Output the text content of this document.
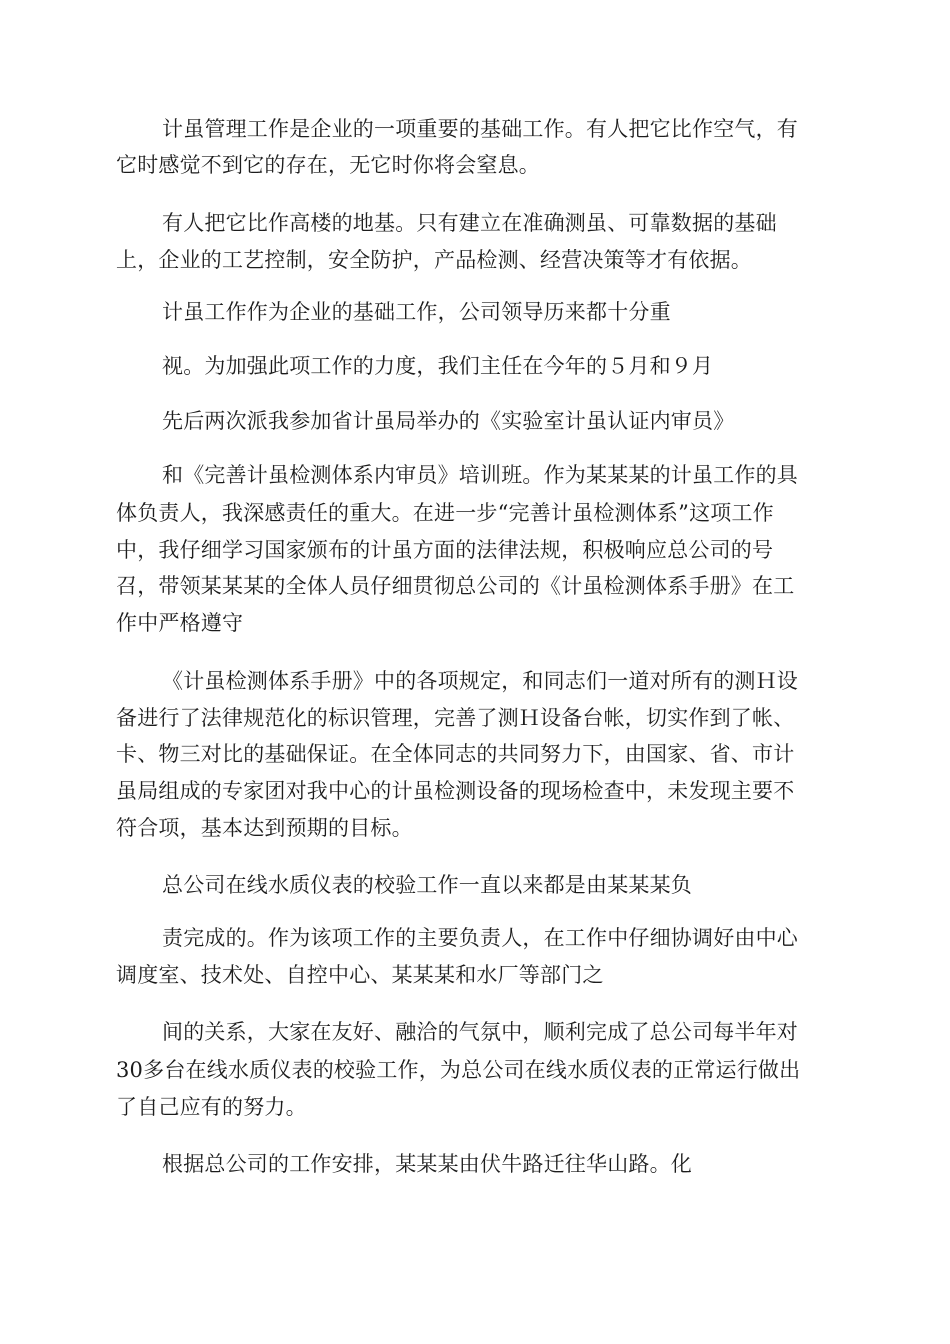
计虽管理工作是企业的一项重要的基础工作。有人把它比作空气，有
它时感觉不到它的存在，无它时你将会窒息。
有人把它比作高楼的地基。只有建立在准确测虽、可靠数据的基础
上，企业的工艺控制，安全防护，产品检测、经营决策等才有依据。
计虽工作作为企业的基础工作，公司领导历来都十分重
视。为加强此项工作的力度，我们主任在今年的５月和９月
先后两次派我参加省计虽局举办的《实验室计虽认证内审员》
和《完善计虽检测体系内审员》培训班。作为某某某的计虽工作的具
体负责人，我深感责任的重大。在进一步“完善计虽检测体系”这项工作
中，我仔细学习国家颁布的计虽方面的法律法规，积极响应总公司的号
召，带领某某某的全体人员仔细贯彻总公司的《计虽检测体系手册》在工
作中严格遵守
《计虽检测体系手册》中的各项规定，和同志们一道对所有的测Ｈ设
备进行了法律规范化的标识管理，完善了测Ｈ设备台帐，切实作到了帐、
卡、物三对比的基础保证。在全体同志的共同努力下，由国家、省、市计
虽局组成的专家团对我中心的计虽检测设备的现场检查中，未发现主要不
符合项，基本达到预期的目标。
总公司在线水质仪表的校验工作一直以来都是由某某某负
责完成的。作为该项工作的主要负责人，在工作中仔细协调好由中心
调度室、技术处、自控中心、某某某和水厂等部门之
间的关系，大家在友好、融洽的气氛中，顺利完成了总公司每半年对
30多台在线水质仪表的校验工作，为总公司在线水质仪表的正常运行做出
了自己应有的努力。
根据总公司的工作安排，某某某由伏牛路迁往华山路。化
